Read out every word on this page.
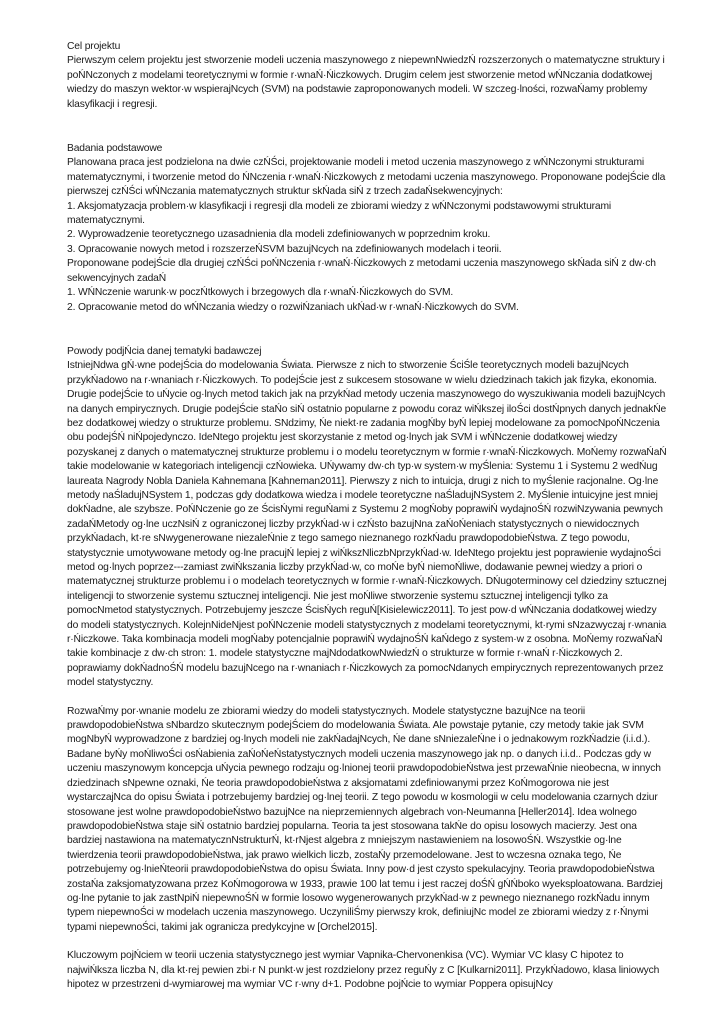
Cel projektu

Pierwszym celem projektu jest stworzenie modeli uczenia maszynowego z niepewnNwiedzŃ rozszerzonych o matematyczne struktury i poŃNczonych z modelami teoretycznymi w formie r·wnaŃ·Ńiczkowych. Drugim celem jest stworzenie metod wŃNczania dodatkowej wiedzy do maszyn wektor·w wspierajNcych (SVM) na podstawie zaproponowanych modeli. W szczeg·lności, rozwaŃamy problemy klasyfikacji i regresji.

Badania podstawowe

Planowana praca jest podzielona na dwie czŃŚci, projektowanie modeli i metod uczenia maszynowego z wŃNczonymi strukturami matematycznymi, i tworzenie metod do ŃNczenia r·wnaŃ·Ńiczkowych z metodami uczenia maszynowego. Proponowane podejŚcie dla pierwszej czŃŚci wŃNczania matematycznych struktur skŃada siŃ z trzech zadaŃsekwencyjnych:

1. Aksjomatyzacja problem·w klasyfikacji i regresji dla modeli ze zbiorami wiedzy z wŃNczonymi podstawowymi strukturami matematycznymi.

2. Wyprowadzenie teoretycznego uzasadnienia dla modeli zdefiniowanych w poprzednim kroku.

3. Opracowanie nowych metod i rozszerzeŃSVM bazujNcych na zdefiniowanych modelach i teorii.

Proponowane podejŚcie dla drugiej czŃŚci poŃNczenia r·wnaŃ·Ńiczkowych z metodami uczenia maszynowego skŃada siŃ z dw·ch sekwencyjnych zadaŃ

1. WŃNczenie warunk·w poczŃtkowych i brzegowych dla r·wnaŃ·Ńiczkowych do SVM.

2. Opracowanie metod do wŃNczania wiedzy o rozwiŃzaniach ukŃad·w r·wnaŃ·Ńiczkowych do SVM.

Powody podjŃcia danej tematyki badawczej

IstniejNdwa gŃ·wne podejŚcia do modelowania Świata. Pierwsze z nich to stworzenie ŚciŚle teoretycznych modeli bazujNcych przykŃadowo na r·wnaniach r·Ńiczkowych. To podejŚcie jest z sukcesem stosowane w wielu dziedzinach takich jak fizyka, ekonomia. Drugie podejŚcie to uŃycie og·lnych metod takich jak na przykŃad metody uczenia maszynowego do wyszukiwania modeli bazujNcych na danych empirycznych. Drugie podejŚcie staŃo siŃ ostatnio popularne z powodu coraz wiŃkszej iloŚci dostŃpnych danych jednakŃe bez dodatkowej wiedzy o strukturze problemu. SNdzimy, Ńe niekt·re zadania mogŃby byŃ lepiej modelowane za pomocNpoŃNczenia obu podejŚŃ niŃpojedynczo. IdeNtego projektu jest skorzystanie z metod og·lnych jak SVM i wŃNczenie dodatkowej wiedzy pozyskanej z danych o matematycznej strukturze problemu i o modelu teoretycznym w formie r·wnaŃ·Ńiczkowych. MoŃemy rozwaŃaŃ takie modelowanie w kategoriach inteligencji czŃowieka. UŃywamy dw·ch typ·w system·w myŚlenia: Systemu 1 i Systemu 2 wedŃug laureata Nagrody Nobla Daniela Kahnemana [Kahneman2011]. Pierwszy z nich to intuicja, drugi z nich to myŚlenie racjonalne. Og·lne metody naŚladujNSystem 1, podczas gdy dodatkowa wiedza i modele teoretyczne naŚladujNSystem 2. MyŚlenie intuicyjne jest mniej dokŃadne, ale szybsze. PoŃNczenie go ze ŚcisŃymi reguŃami z Systemu 2 mogŃoby poprawiŃ wydajnoŚŃ rozwiNzywania pewnych zadaŃMetody og·lne uczNsiŃ z ograniczonej liczby przykŃad·w i czŃsto bazujNna zaŃoŃeniach statystycznych o niewidocznych przykŃadach, kt·re sNwygenerowane niezaleŃnie z tego samego nieznanego rozkŃadu prawdopodobieŃstwa. Z tego powodu, statystycznie umotywowane metody og·lne pracujŃ lepiej z wiŃkszNliczbNprzykŃad·w. IdeNtego projektu jest poprawienie wydajnoŚci metod og·lnych poprzez---zamiast zwiŃkszania liczby przykŃad·w, co moŃe byŃ niemoŃliwe, dodawanie pewnej wiedzy a priori o matematycznej strukturze problemu i o modelach teoretycznych w formie r·wnaŃ·Ńiczkowych. DŃugoterminowy cel dziedziny sztucznej inteligencji to stworzenie systemu sztucznej inteligencji. Nie jest moŃliwe stworzenie systemu sztucznej inteligencji tylko za pomocNmetod statystycznych. Potrzebujemy jeszcze ŚcisŃych reguŃ[Kisielewicz2011]. To jest pow·d wŃNczania dodatkowej wiedzy do modeli statystycznych. KolejnNideNjest poŃNczenie modeli statystycznych z modelami teoretycznymi, kt·rymi sNzazwyczaj r·wnania r·Ńiczkowe. Taka kombinacja modeli mogŃaby potencjalnie poprawiŃ wydajnoŚŃ kaŃdego z system·w z osobna. MoŃemy rozwaŃaŃ takie kombinacje z dw·ch stron: 1. modele statystyczne majNdodatkowNwiedzŃ o strukturze w formie r·wnaŃ r·Ńiczkowych 2. poprawiamy dokŃadnoŚŃ modelu bazujNcego na r·wnaniach r·Ńiczkowych za pomocNdanych empirycznych reprezentowanych przez model statystyczny.

RozwaŃmy por·wnanie modelu ze zbiorami wiedzy do modeli statystycznych. Modele statystyczne bazujNce na teorii prawdopodobieŃstwa sNbardzo skutecznym podejŚciem do modelowania Świata. Ale powstaje pytanie, czy metody takie jak SVM mogNbyŃ wyprowadzone z bardziej og·lnych modeli nie zakŃadajNcych, Ńe dane sNniezaleŃne i o jednakowym rozkŃadzie (i.i.d.). Badane byŃy moŃliwoŚci osŃabienia zaŃoŃeŃstatystycznych modeli uczenia maszynowego jak np. o danych i.i.d.. Podczas gdy w uczeniu maszynowym koncepcja uŃycia pewnego rodzaju og·lnionej teorii prawdopodobieŃstwa jest przewaŃnie nieobecna, w innych dziedzinach sNpewne oznaki, Ńe teoria prawdopodobieŃstwa z aksjomatami zdefiniowanymi przez KoŃmogorowa nie jest wystarczajNca do opisu Świata i potrzebujemy bardziej og·lnej teorii. Z tego powodu w kosmologii w celu modelowania czarnych dziur stosowane jest wolne prawdopodobieŃstwo bazujNce na nieprzemiennych algebrach von-Neumanna [Heller2014]. Idea wolnego prawdopodobieŃstwa staje siŃ ostatnio bardziej popularna. Teoria ta jest stosowana takŃe do opisu losowych macierzy. Jest ona bardziej nastawiona na matematycznNstrukturŃ, kt·rNjest algebra z mniejszym nastawieniem na losowoŚŃ. Wszystkie og·lne twierdzenia teorii prawdopodobieŃstwa, jak prawo wielkich liczb, zostaŃy przemodelowane. Jest to wczesna oznaka tego, Ńe potrzebujemy og·lnieŃteorii prawdopodobieŃstwa do opisu Świata. Inny pow·d jest czysto spekulacyjny. Teoria prawdopodobieŃstwa zostaŃa zaksjomatyzowana przez KoŃmogorowa w 1933, prawie 100 lat temu i jest raczej doŚŃ gŃŃboko wyeksploatowana. Bardziej og·lne pytanie to jak zastNpiŃ niepewnoŚŃ w formie losowo wygenerowanych przykŃad·w z pewnego nieznanego rozkŃadu innym typem niepewnoŚci w modelach uczenia maszynowego. UczyniliŚmy pierwszy krok, definiujNc model ze zbiorami wiedzy z r·Ńnymi typami niepewnoŚci, takimi jak ogranicza predykcyjne w [Orchel2015].

Kluczowym pojŃciem w teorii uczenia statystycznego jest wymiar Vapnika-Chervonenkisa (VC). Wymiar VC klasy C hipotez to najwiŃksza liczba N, dla kt·rej pewien zbi·r N punkt·w jest rozdzielony przez reguŃy z C [Kulkarni2011]. PrzykŃadowo, klasa liniowych hipotez w przestrzeni d-wymiarowej ma wymiar VC r·wny d+1. Podobne pojŃcie to wymiar Poppera opisujNcy
